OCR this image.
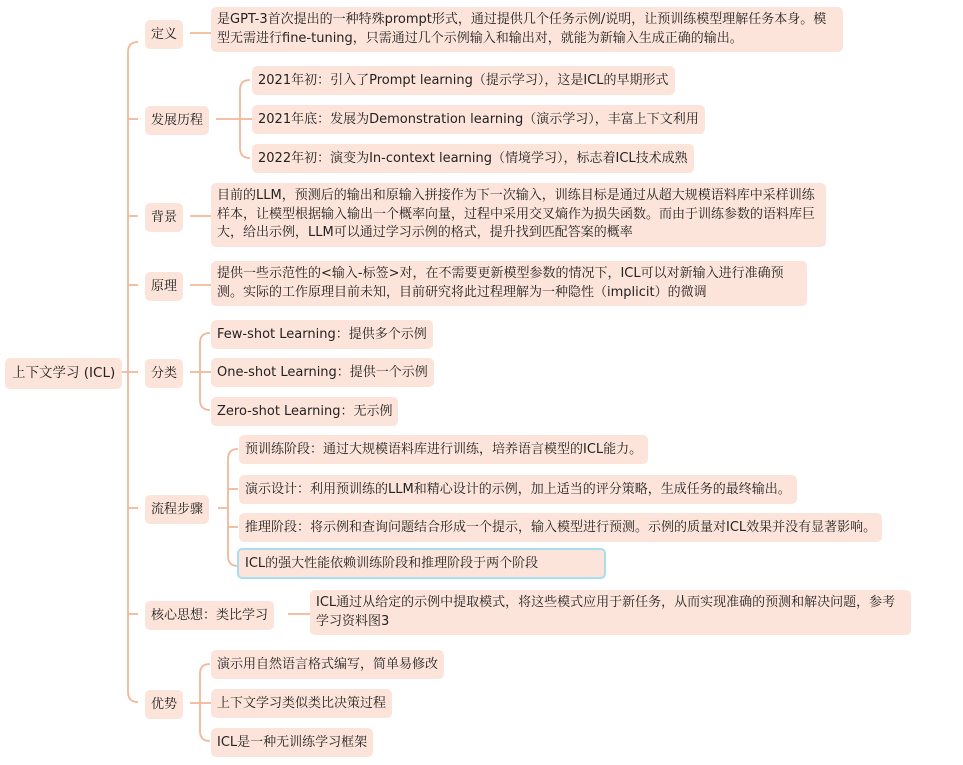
上下文学习 (ICL)
定义
是GPT-3首次提出的一种特殊prompt形式，通过提供几个任务示例/说明，让预训练模型理解任务本身。模型无需进行fine-tuning，只需通过几个示例输入和输出对，就能为新输入生成正确的输出。
发展历程
2021年初：引入了Prompt learning（提示学习），这是ICL的早期形式
2021年底：发展为Demonstration learning（演示学习），丰富上下文利用
2022年初：演变为In-context learning（情境学习），标志着ICL技术成熟
背景
目前的LLM，预测后的输出和原输入拼接作为下一次输入，训练目标是通过从超大规模语料库中采样训练样本，让模型根据输入输出一个概率向量，过程中采用交叉熵作为损失函数。而由于训练参数的语料库巨大，给出示例，LLM可以通过学习示例的格式，提升找到匹配答案的概率
原理
提供一些示范性的<输入-标签>对，在不需要更新模型参数的情况下，ICL可以对新输入进行准确预测。实际的工作原理目前未知，目前研究将此过程理解为一种隐性（implicit）的微调
分类
Few-shot Learning：提供多个示例
One-shot Learning：提供一个示例
Zero-shot Learning：无示例
流程步骤
预训练阶段：通过大规模语料库进行训练，培养语言模型的ICL能力。
演示设计：利用预训练的LLM和精心设计的示例，加上适当的评分策略，生成任务的最终输出。
推理阶段：将示例和查询问题结合形成一个提示，输入模型进行预测。示例的质量对ICL效果并没有显著影响。
ICL的强大性能依赖训练阶段和推理阶段于两个阶段
核心思想：类比学习
ICL通过从给定的示例中提取模式，将这些模式应用于新任务，从而实现准确的预测和解决问题，参考学习资料图3
优势
演示用自然语言格式编写，简单易修改
上下文学习类似类比决策过程
ICL是一种无训练学习框架
